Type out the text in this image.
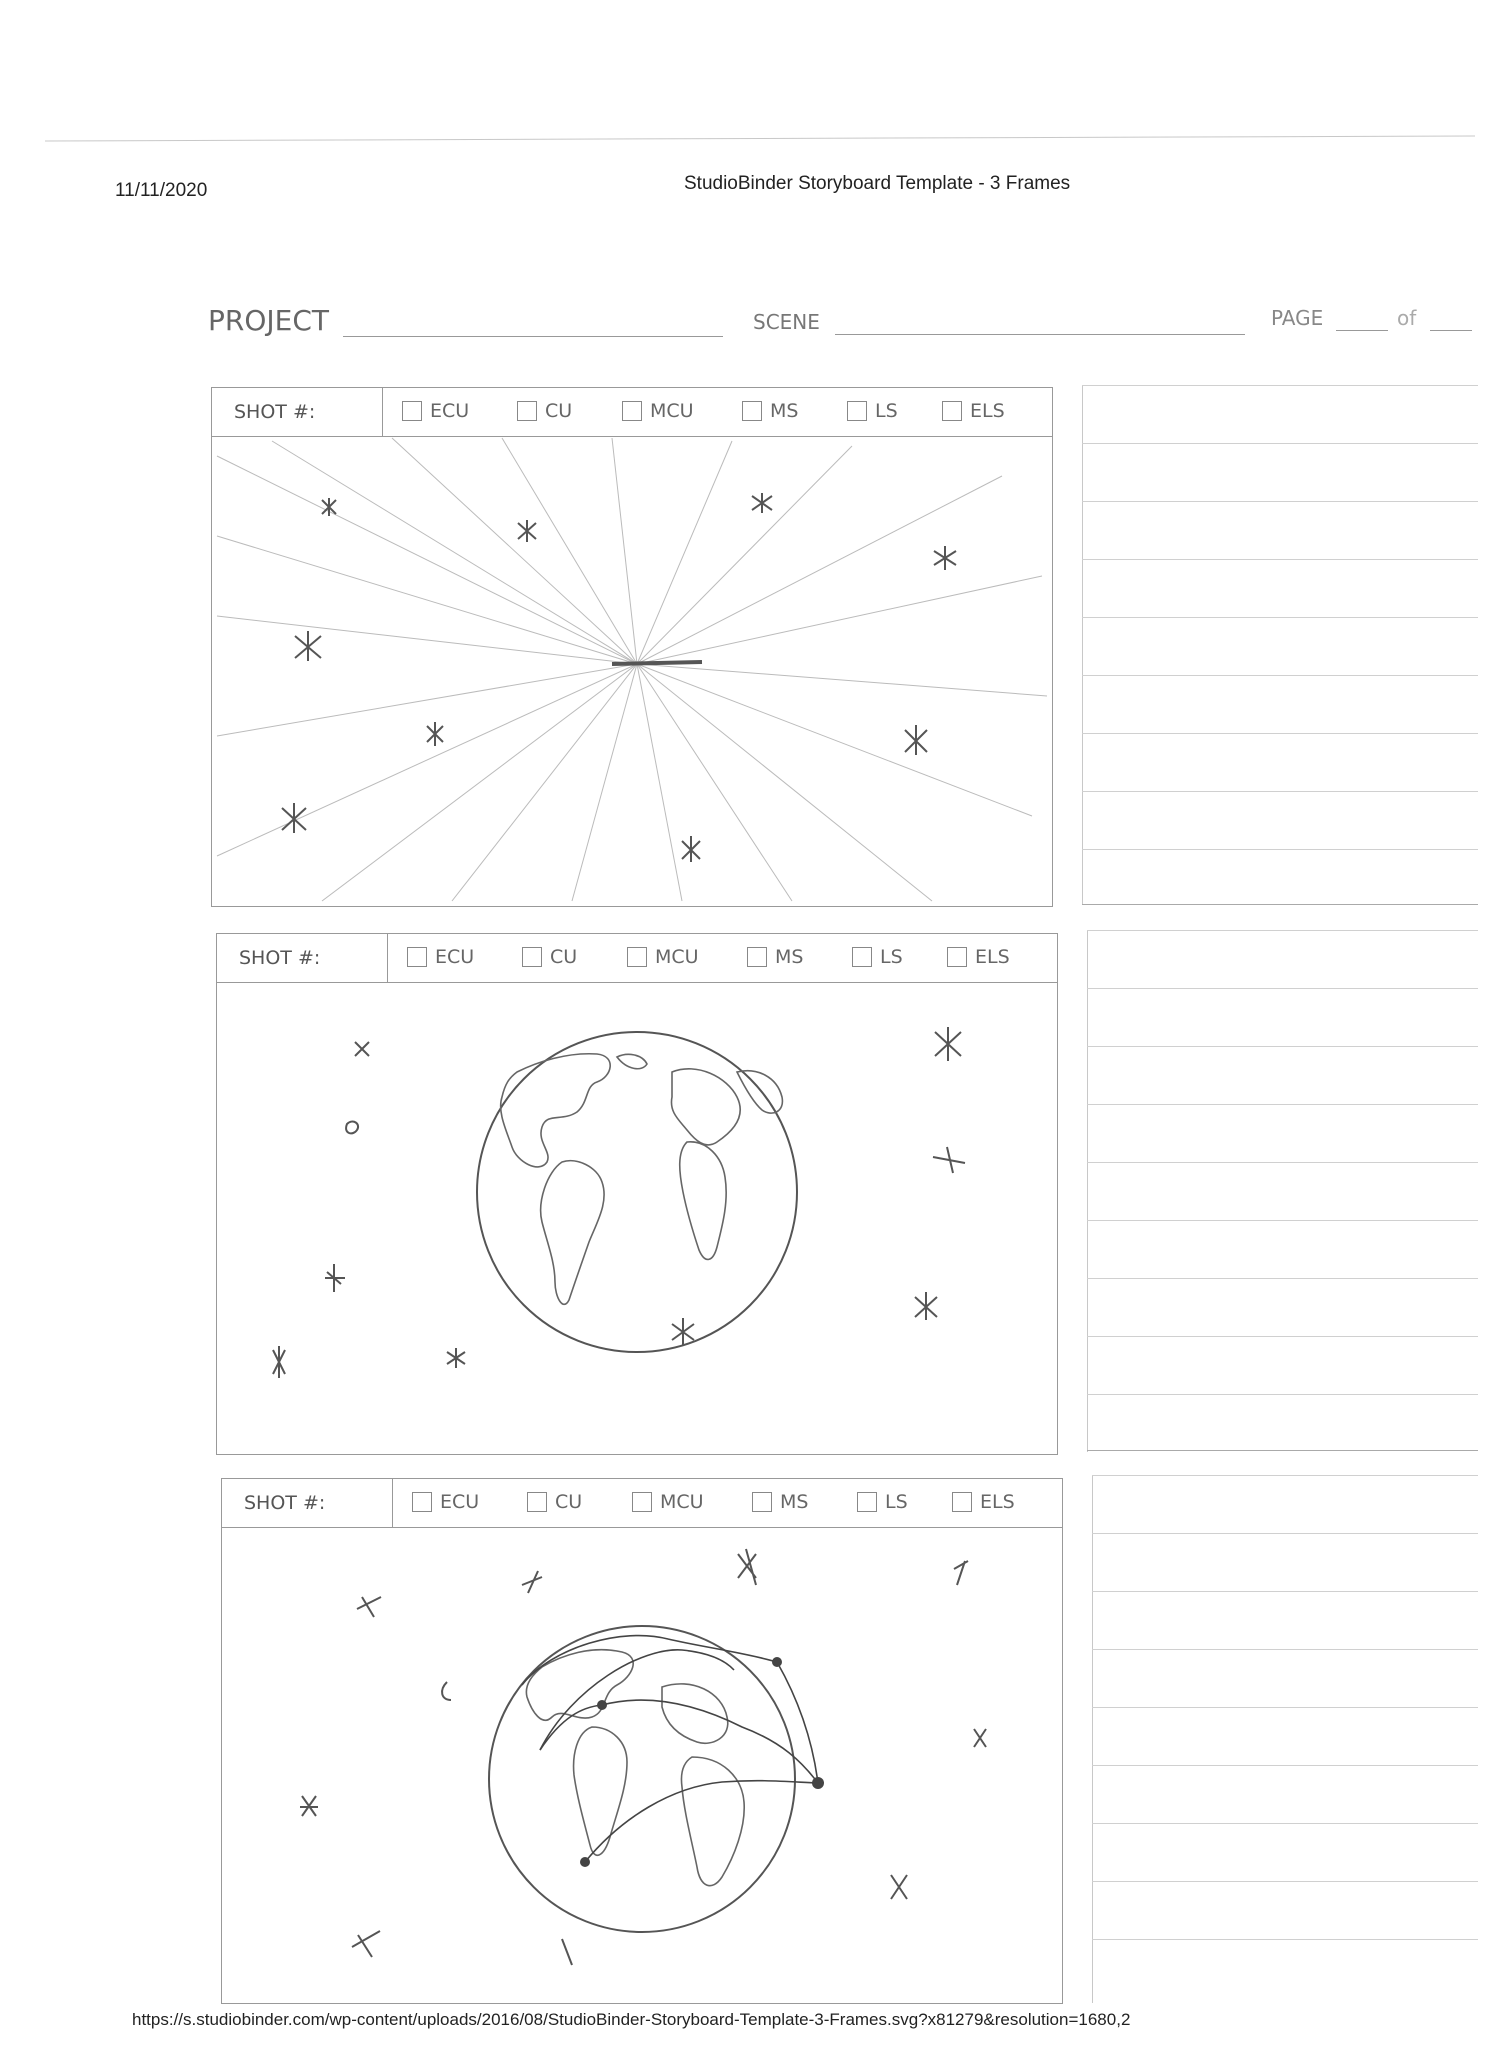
11/11/2020	StudioBinder Storyboard Template - 3 Frames
PROJECT	SCENE	PAGE	of
SHOT #:	ECU	CU	MCU	MS	LS	ELS
SHOT #:	ECU	CU	MCU	MS	LS	ELS
SHOT #:	ECU	CU	MCU	MS	LS	ELS
https://s.studiobinder.com/wp-content/uploads/2016/08/StudioBinder-Storyboard-Template-3-Frames.svg?x81279&resolution=1680,2
